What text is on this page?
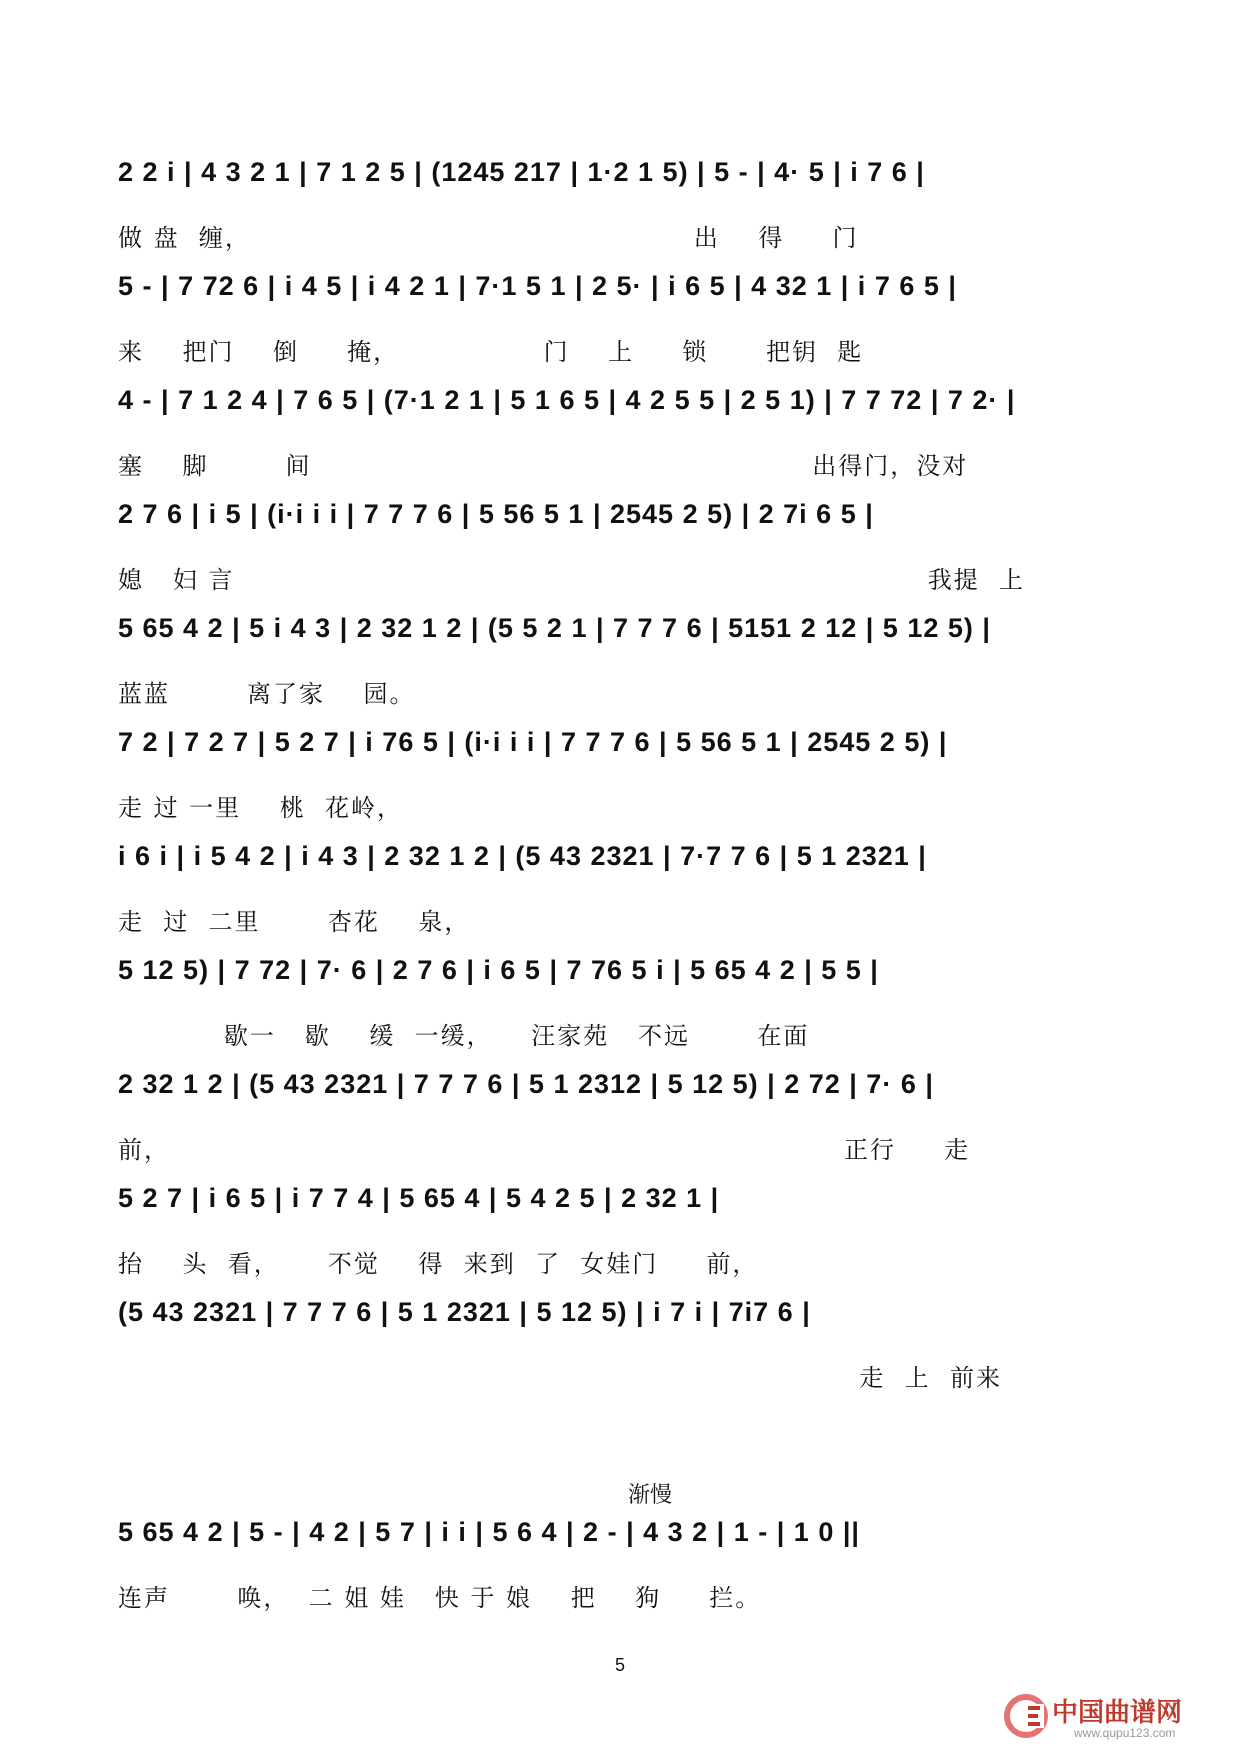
2 2 i | 4 3 2 1 | 7 1 2 5 | (1245 217 | 1·2 1 5) | 5 - | 4· 5 | i 7 6 |
做 盘  缠，                                              出    得     门
5 - | 7 72 6 | i 4 5 | i 4 2 1 | 7·1 5 1 | 2 5· | i 6 5 | 4 32 1 | i 7 6 5 |
来    把门    倒     掩，               门    上     锁      把钥  匙
4 - | 7 1 2 4 | 7 6 5 | (7·1 2 1 | 5 1 6 5 | 4 2 5 5 | 2 5 1) | 7 7 72 | 7 2· |
塞    脚        间                                                    出得门，没对
2 7 6 | i 5 | (i·i i i | 7 7 7 6 | 5 56 5 1 | 2545 2 5) | 2 7i 6 5 |
媳   妇 言                                                                        我提  上
5 65 4 2 | 5 i 4 3 | 2 32 1 2 | (5 5 2 1 | 7 7 7 6 | 5151 2 12 | 5 12 5) |
蓝蓝        离了家    园。
7 2 | 7 2 7 | 5 2 7 | i 76 5 | (i·i i i | 7 7 7 6 | 5 56 5 1 | 2545 2 5) |
走 过 一里    桃  花岭，
i 6 i | i 5 4 2 | i 4 3 | 2 32 1 2 | (5 43 2321 | 7·7 7 6 | 5 1 2321 |
走  过  二里       杏花    泉，
5 12 5) | 7 72 | 7· 6 | 2 7 6 | i 6 5 | 7 76 5 i | 5 65 4 2 | 5 5 |
歇一   歇    缓  一缓，    汪家苑   不远       在面
2 32 1 2 | (5 43 2321 | 7 7 7 6 | 5 1 2312 | 5 12 5) | 2 72 | 7· 6 |
前，                                                                      正行     走
5 2 7 | i 6 5 | i 7 7 4 | 5 65 4 | 5 4 2 5 | 2 32 1 |
抬    头  看，     不觉    得  来到  了  女娃门     前，
(5 43 2321 | 7 7 7 6 | 5 1 2321 | 5 12 5) | i 7 i | 7i7 6 |
走  上  前来
渐慢
5 65 4 2 | 5 - | 4 2 | 5 7 | i i | 5 6 4 | 2 - | 4 3 2 | 1 - | 1 0 ||
连声       唤，  二 姐 娃   快 于 娘    把    狗     拦。
5
中国曲谱网
www.qupu123.com
